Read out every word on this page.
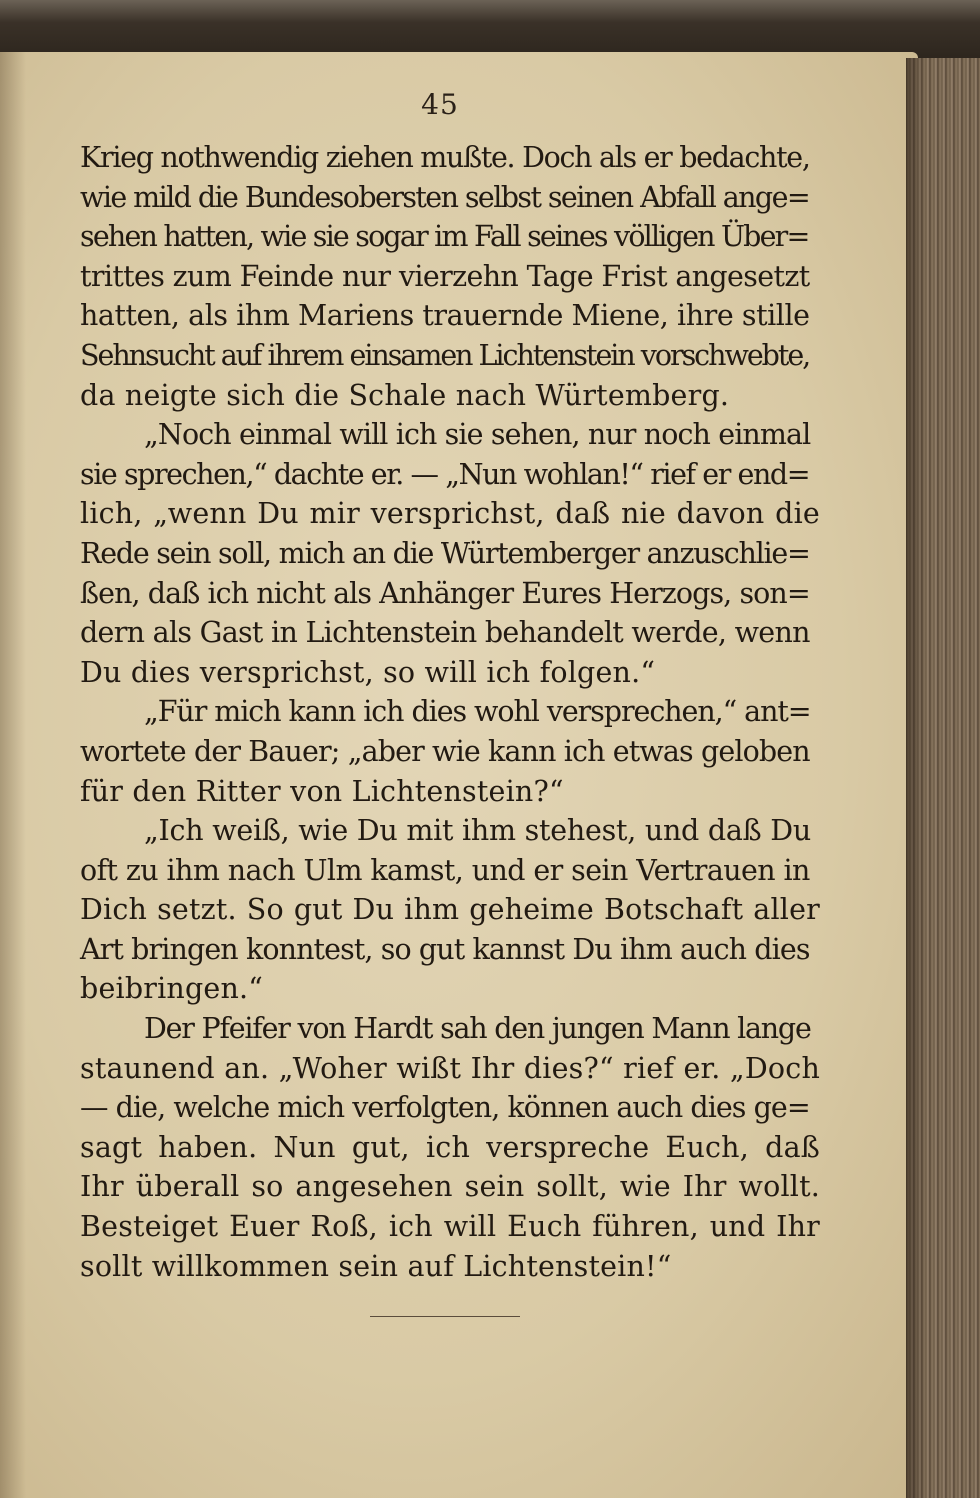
45
Krieg nothwendig ziehen mußte. Doch als er bedachte,
wie mild die Bundesobersten selbst seinen Abfall ange=
sehen hatten, wie sie sogar im Fall seines völligen Über=
trittes zum Feinde nur vierzehn Tage Frist angesetzt
hatten, als ihm Mariens trauernde Miene, ihre stille
Sehnsucht auf ihrem einsamen Lichtenstein vorschwebte,
da neigte sich die Schale nach Würtemberg.
„Noch einmal will ich sie sehen, nur noch einmal
sie sprechen,“ dachte er. — „Nun wohlan!“ rief er end=
lich, „wenn Du mir versprichst, daß nie davon die
Rede sein soll, mich an die Würtemberger anzuschlie=
ßen, daß ich nicht als Anhänger Eures Herzogs, son=
dern als Gast in Lichtenstein behandelt werde, wenn
Du dies versprichst, so will ich folgen.“
„Für mich kann ich dies wohl versprechen,“ ant=
wortete der Bauer; „aber wie kann ich etwas geloben
für den Ritter von Lichtenstein?“
„Ich weiß, wie Du mit ihm stehest, und daß Du
oft zu ihm nach Ulm kamst, und er sein Vertrauen in
Dich setzt. So gut Du ihm geheime Botschaft aller
Art bringen konntest, so gut kannst Du ihm auch dies
beibringen.“
Der Pfeifer von Hardt sah den jungen Mann lange
staunend an. „Woher wißt Ihr dies?“ rief er. „Doch
— die, welche mich verfolgten, können auch dies ge=
sagt haben. Nun gut, ich verspreche Euch, daß
Ihr überall so angesehen sein sollt, wie Ihr wollt.
Besteiget Euer Roß, ich will Euch führen, und Ihr
sollt willkommen sein auf Lichtenstein!“
